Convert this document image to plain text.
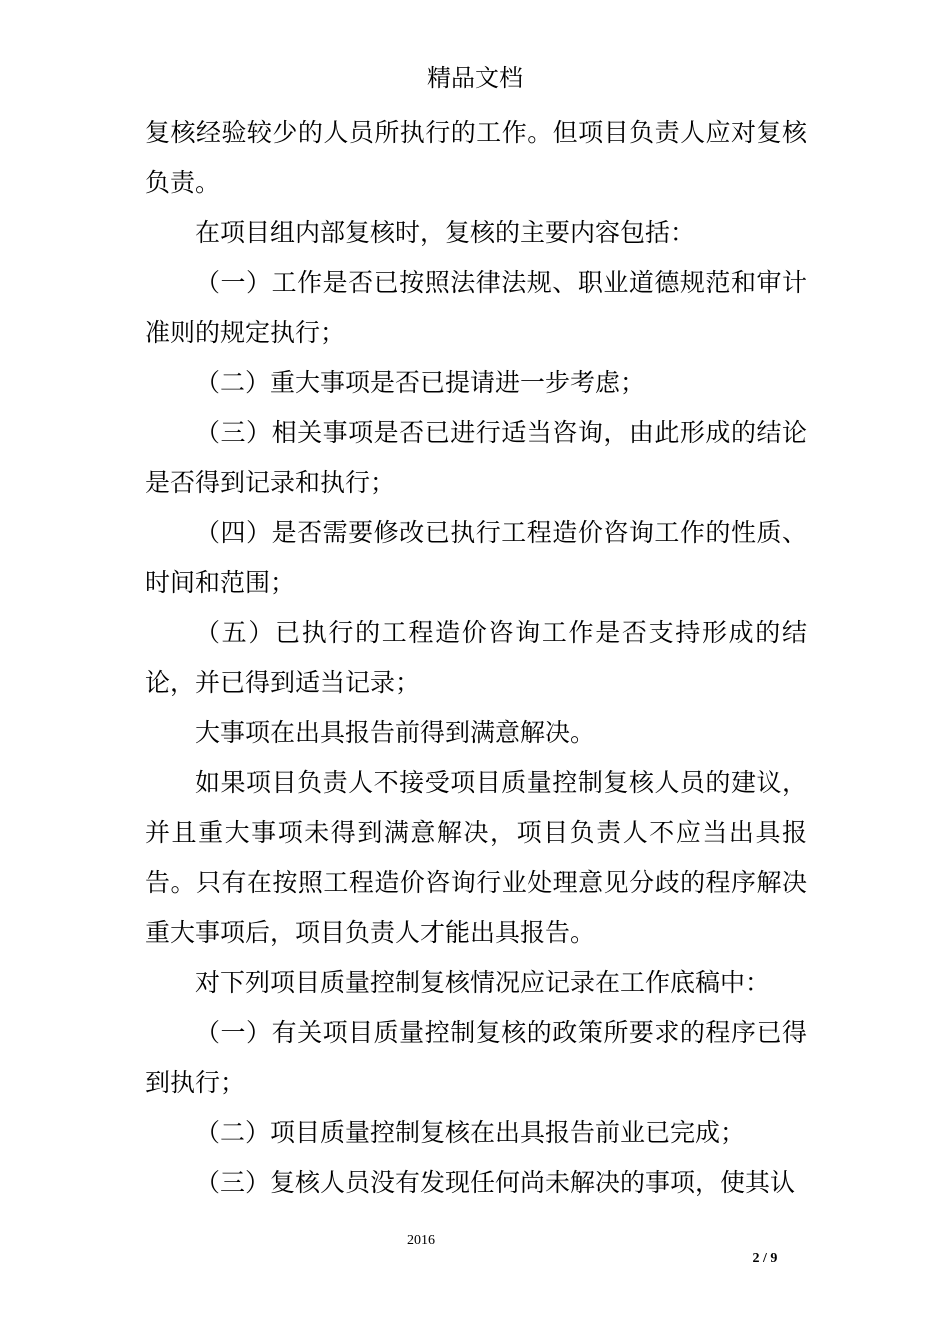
精品文档

复核经验较少的人员所执行的工作。但项目负责人应对复核负责。

在项目组内部复核时，复核的主要内容包括：

（一）工作是否已按照法律法规、职业道德规范和审计准则的规定执行；

（二）重大事项是否已提请进一步考虑；

（三）相关事项是否已进行适当咨询，由此形成的结论是否得到记录和执行；

（四）是否需要修改已执行工程造价咨询工作的性质、时间和范围；

（五）已执行的工程造价咨询工作是否支持形成的结论，并已得到适当记录；

大事项在出具报告前得到满意解决。

如果项目负责人不接受项目质量控制复核人员的建议，并且重大事项未得到满意解决，项目负责人不应当出具报告。只有在按照工程造价咨询行业处理意见分歧的程序解决重大事项后，项目负责人才能出具报告。

对下列项目质量控制复核情况应记录在工作底稿中：

（一）有关项目质量控制复核的政策所要求的程序已得到执行；

（二）项目质量控制复核在出具报告前业已完成；

（三）复核人员没有发现任何尚未解决的事项，使其认

2016
2 / 9
